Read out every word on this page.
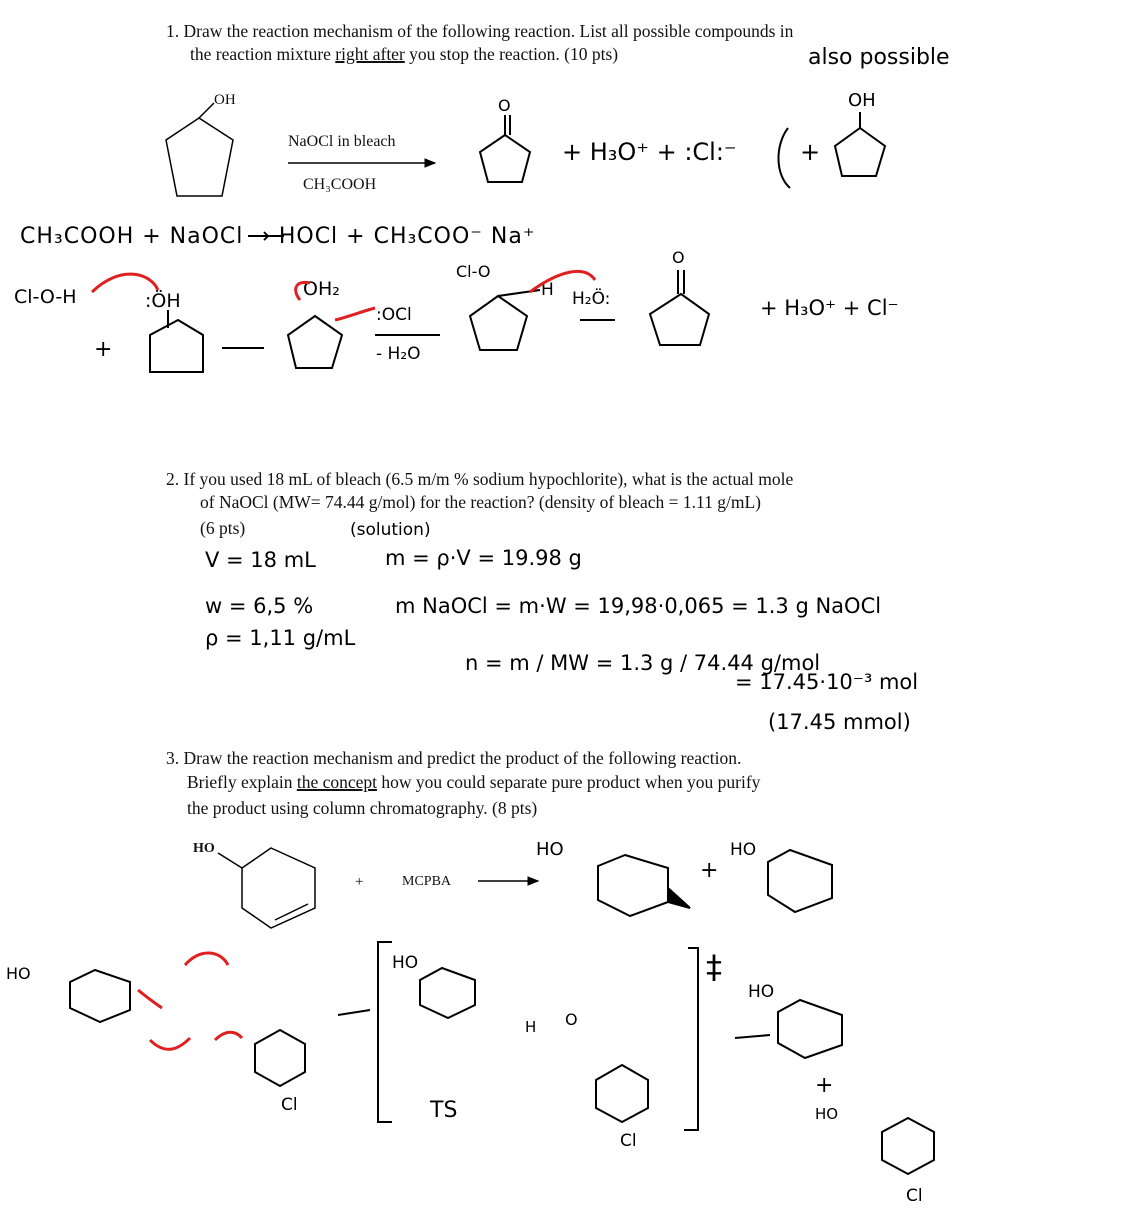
1. Draw the reaction mechanism of the following reaction. List all possible compounds in
the reaction mixture right after you stop the reaction. (10 pts)	also possible
OH
NaOCl in bleach
CH₃COOH
O
+ H₃O⁺ + :Cl:⁻	+
OH
CH₃COOH + NaOCl → HOCl + CH₃COO⁻ Na⁺
Cl-O-H	:ÖH
+
OH₂
:OCl
- H₂O
Cl-O
H H₂Ö:
O
+ H₃O⁺ + Cl⁻
2. If you used 18 mL of bleach (6.5 m/m % sodium hypochlorite), what is the actual mole
of NaOCl (MW= 74.44 g/mol) for the reaction? (density of bleach = 1.11 g/mL)
(6 pts)	(solution)
V = 18 mL	m = ρ·V = 19.98 g
w = 6,5 %	m NaOCl = m·W = 19,98·0,065 = 1.3 g NaOCl
ρ = 1,11 g/mL
n = m / MW = 1.3 g / 74.44 g/mol
= 17.45·10⁻³ mol
(17.45 mmol)
3. Draw the reaction mechanism and predict the product of the following reaction.
Briefly explain the concept how you could separate pure product when you purify
the product using column chromatography. (8 pts)
HO
+	MCPBA
HO
+
HO
HO
HO
HO
TS
‡
Cl
Cl
Cl
+
HO
H O
